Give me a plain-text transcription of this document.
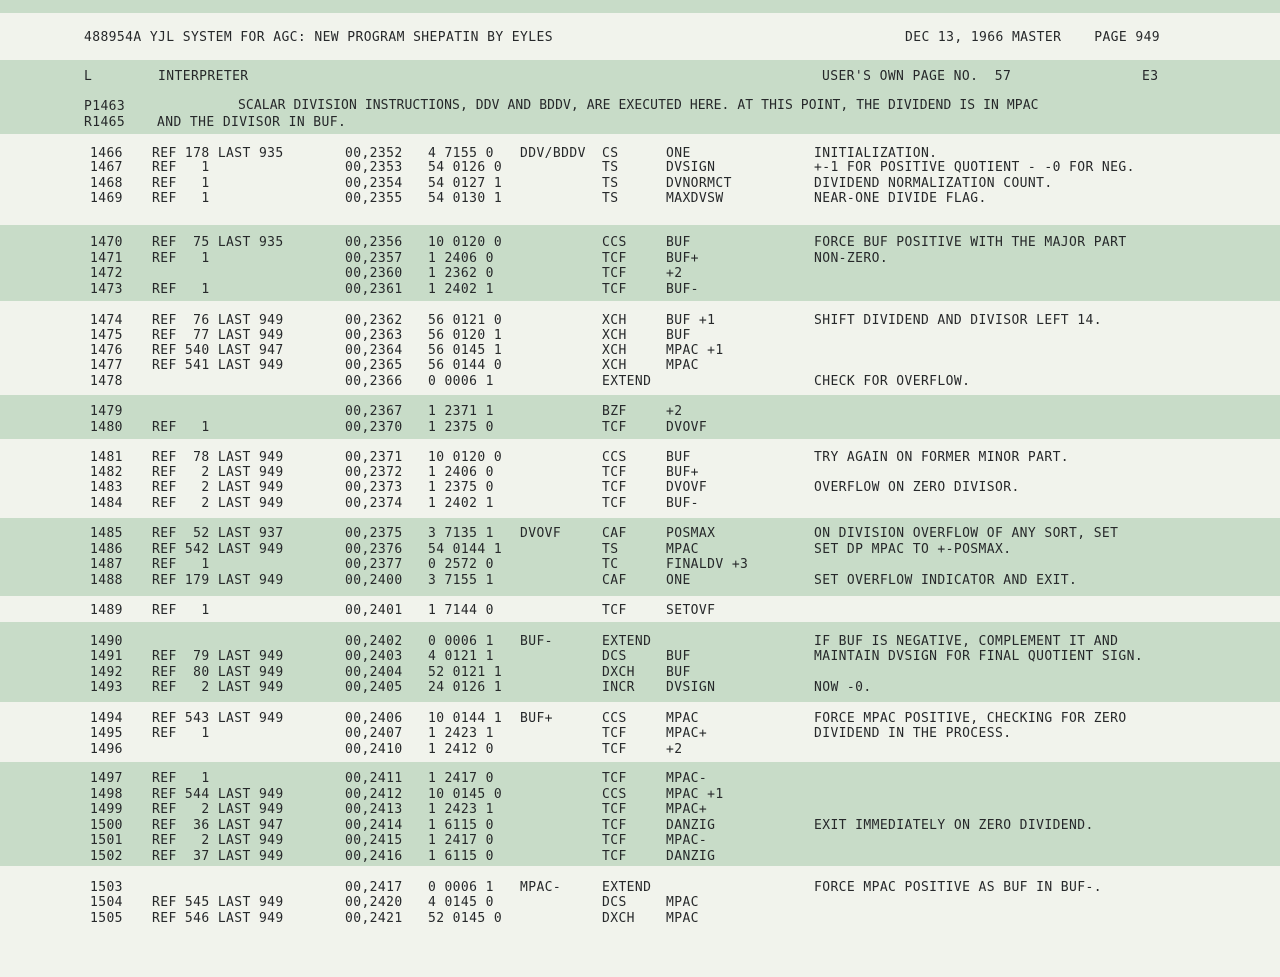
488954A YJL SYSTEM FOR AGC: NEW PROGRAM SHEPATIN BY EYLES	DEC 13, 1966 MASTER    PAGE 949
L        INTERPRETER	USER'S OWN PAGE NO.  57	E3
P1463	SCALAR DIVISION INSTRUCTIONS, DDV AND BDDV, ARE EXECUTED HERE. AT THIS POINT, THE DIVIDEND IS IN MPAC
R1465 AND THE DIVISOR IN BUF.
1466 REF 178 LAST 935	00,2352 4 7155 0 DDV/BDDV CS	ONE	INITIALIZATION.
1467 REF   1	00,2353 54 0126 0	TS	DVSIGN	+-1 FOR POSITIVE QUOTIENT - -0 FOR NEG.
1468 REF   1	00,2354 54 0127 1	TS	DVNORMCT	DIVIDEND NORMALIZATION COUNT.
1469 REF   1	00,2355 54 0130 1	TS	MAXDVSW	NEAR-ONE DIVIDE FLAG.
1470 REF  75 LAST 935	00,2356 10 0120 0	CCS	BUF	FORCE BUF POSITIVE WITH THE MAJOR PART
1471 REF   1	00,2357 1 2406 0	TCF	BUF+	NON-ZERO.
1472	00,2360 1 2362 0	TCF	+2
1473 REF   1	00,2361 1 2402 1	TCF	BUF-
1474 REF  76 LAST 949	00,2362 56 0121 0	XCH	BUF +1	SHIFT DIVIDEND AND DIVISOR LEFT 14.
1475 REF  77 LAST 949	00,2363 56 0120 1	XCH	BUF
1476 REF 540 LAST 947	00,2364 56 0145 1	XCH	MPAC +1
1477 REF 541 LAST 949	00,2365 56 0144 0	XCH	MPAC
1478	00,2366 0 0006 1	EXTEND	CHECK FOR OVERFLOW.
1479	00,2367 1 2371 1	BZF	+2
1480 REF   1	00,2370 1 2375 0	TCF	DVOVF
1481 REF  78 LAST 949	00,2371 10 0120 0	CCS	BUF	TRY AGAIN ON FORMER MINOR PART.
1482 REF   2 LAST 949	00,2372 1 2406 0	TCF	BUF+
1483 REF   2 LAST 949	00,2373 1 2375 0	TCF	DVOVF	OVERFLOW ON ZERO DIVISOR.
1484 REF   2 LAST 949	00,2374 1 2402 1	TCF	BUF-
1485 REF  52 LAST 937	00,2375 3 7135 1 DVOVF	CAF	POSMAX	ON DIVISION OVERFLOW OF ANY SORT, SET
1486 REF 542 LAST 949	00,2376 54 0144 1	TS	MPAC	SET DP MPAC TO +-POSMAX.
1487 REF   1	00,2377 0 2572 0	TC	FINALDV +3
1488 REF 179 LAST 949	00,2400 3 7155 1	CAF	ONE	SET OVERFLOW INDICATOR AND EXIT.
1489 REF   1	00,2401 1 7144 0	TCF	SETOVF
1490	00,2402 0 0006 1 BUF-	EXTEND	IF BUF IS NEGATIVE, COMPLEMENT IT AND
1491 REF  79 LAST 949	00,2403 4 0121 1	DCS	BUF	MAINTAIN DVSIGN FOR FINAL QUOTIENT SIGN.
1492 REF  80 LAST 949	00,2404 52 0121 1	DXCH BUF
1493 REF   2 LAST 949	00,2405 24 0126 1	INCR DVSIGN	NOW -0.
1494 REF 543 LAST 949	00,2406 10 0144 1 BUF+	CCS	MPAC	FORCE MPAC POSITIVE, CHECKING FOR ZERO
1495 REF   1	00,2407 1 2423 1	TCF	MPAC+	DIVIDEND IN THE PROCESS.
1496	00,2410 1 2412 0	TCF	+2
1497 REF   1	00,2411 1 2417 0	TCF	MPAC-
1498 REF 544 LAST 949	00,2412 10 0145 0	CCS	MPAC +1
1499 REF   2 LAST 949	00,2413 1 2423 1	TCF	MPAC+
1500 REF  36 LAST 947	00,2414 1 6115 0	TCF	DANZIG	EXIT IMMEDIATELY ON ZERO DIVIDEND.
1501 REF   2 LAST 949	00,2415 1 2417 0	TCF	MPAC-
1502 REF  37 LAST 949	00,2416 1 6115 0	TCF	DANZIG
1503	00,2417 0 0006 1 MPAC-	EXTEND	FORCE MPAC POSITIVE AS BUF IN BUF-.
1504 REF 545 LAST 949	00,2420 4 0145 0	DCS	MPAC
1505 REF 546 LAST 949	00,2421 52 0145 0	DXCH MPAC
